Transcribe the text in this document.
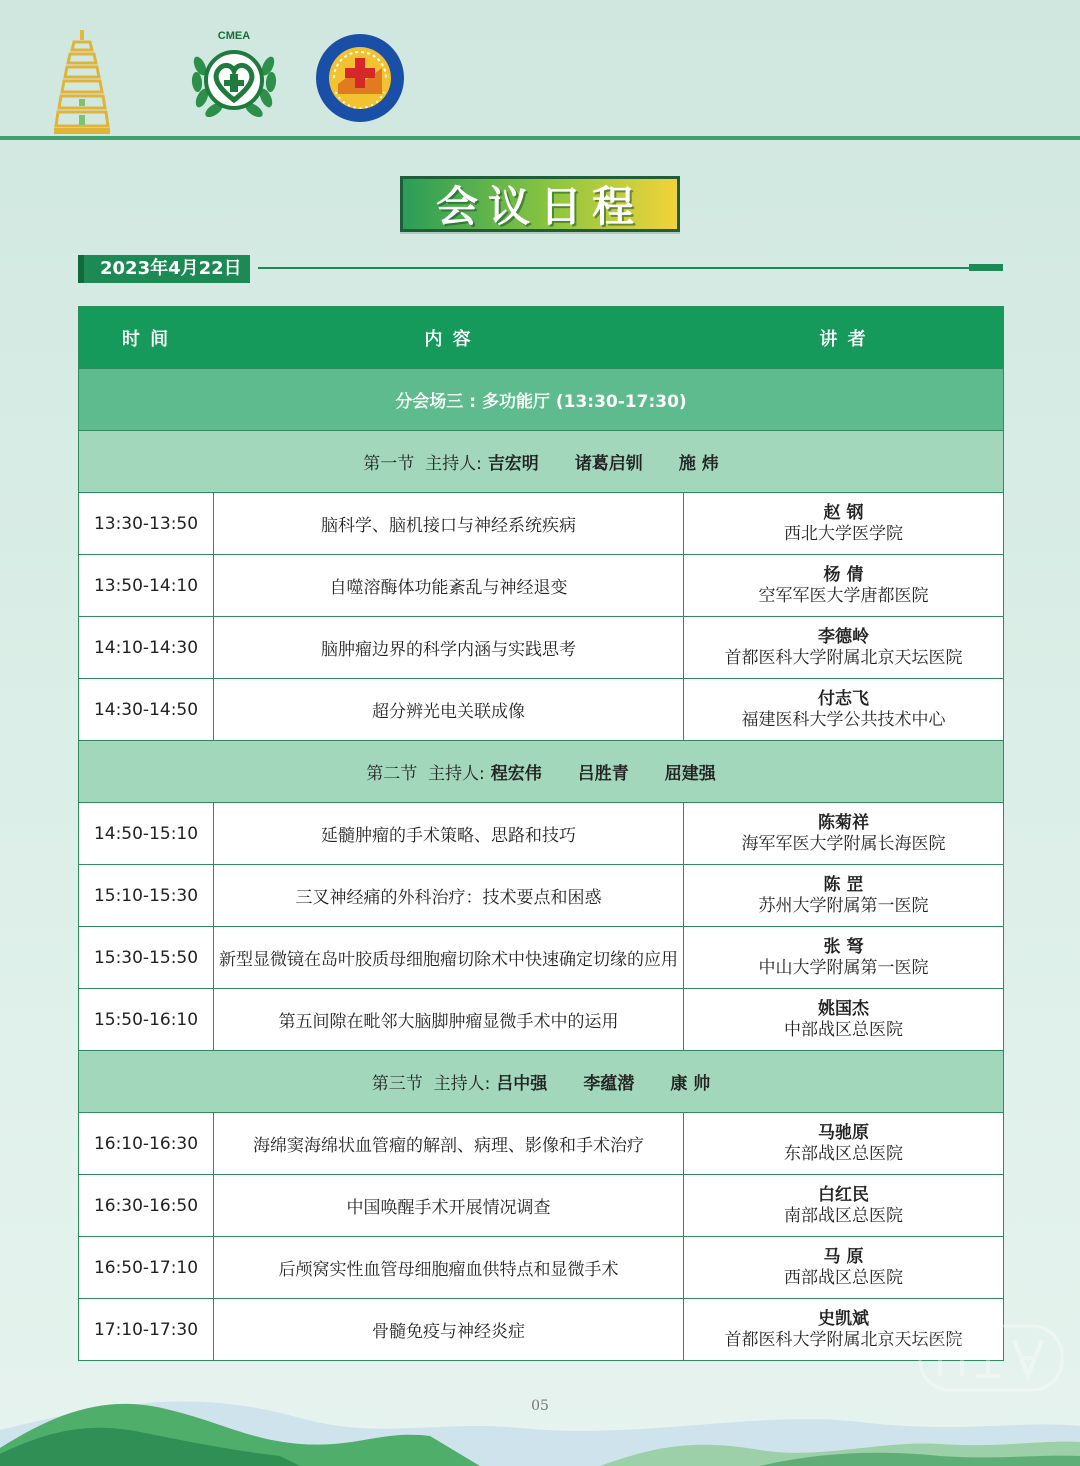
CMEA
会议日程
2023年4月22日
时 间	内 容	讲 者
分会场三 : 多功能厅 (13:30-17:30)		
第一节 主持人: 吉宏明 诸葛启钏 施 炜		
13:30-13:50	脑科学、脑机接口与神经系统疾病	赵 钢
西北大学医学院

13:50-14:10	自噬溶酶体功能紊乱与神经退变	杨 倩
空军军医大学唐都医院

14:10-14:30	脑肿瘤边界的科学内涵与实践思考	李德岭
首都医科大学附属北京天坛医院

14:30-14:50	超分辨光电关联成像	付志飞
福建医科大学公共技术中心

第二节 主持人: 程宏伟 吕胜青 屈建强		
14:50-15:10	延髓肿瘤的手术策略、思路和技巧	陈菊祥
海军军医大学附属长海医院

15:10-15:30	三叉神经痛的外科治疗：技术要点和困惑	陈 罡
苏州大学附属第一医院

15:30-15:50	新型显微镜在岛叶胶质母细胞瘤切除术中快速确定切缘的应用	张 弩
中山大学附属第一医院

15:50-16:10	第五间隙在毗邻大脑脚肿瘤显微手术中的运用	姚国杰
中部战区总医院

第三节 主持人: 吕中强 李蕴潜 康 帅		
16:10-16:30	海绵窦海绵状血管瘤的解剖、病理、影像和手术治疗	马驰原
东部战区总医院

16:30-16:50	中国唤醒手术开展情况调查	白红民
南部战区总医院

16:50-17:10	后颅窝实性血管母细胞瘤血供特点和显微手术	马 原
西部战区总医院

17:10-17:30	骨髓免疫与神经炎症	史凯斌
首都医科大学附属北京天坛医院
05
